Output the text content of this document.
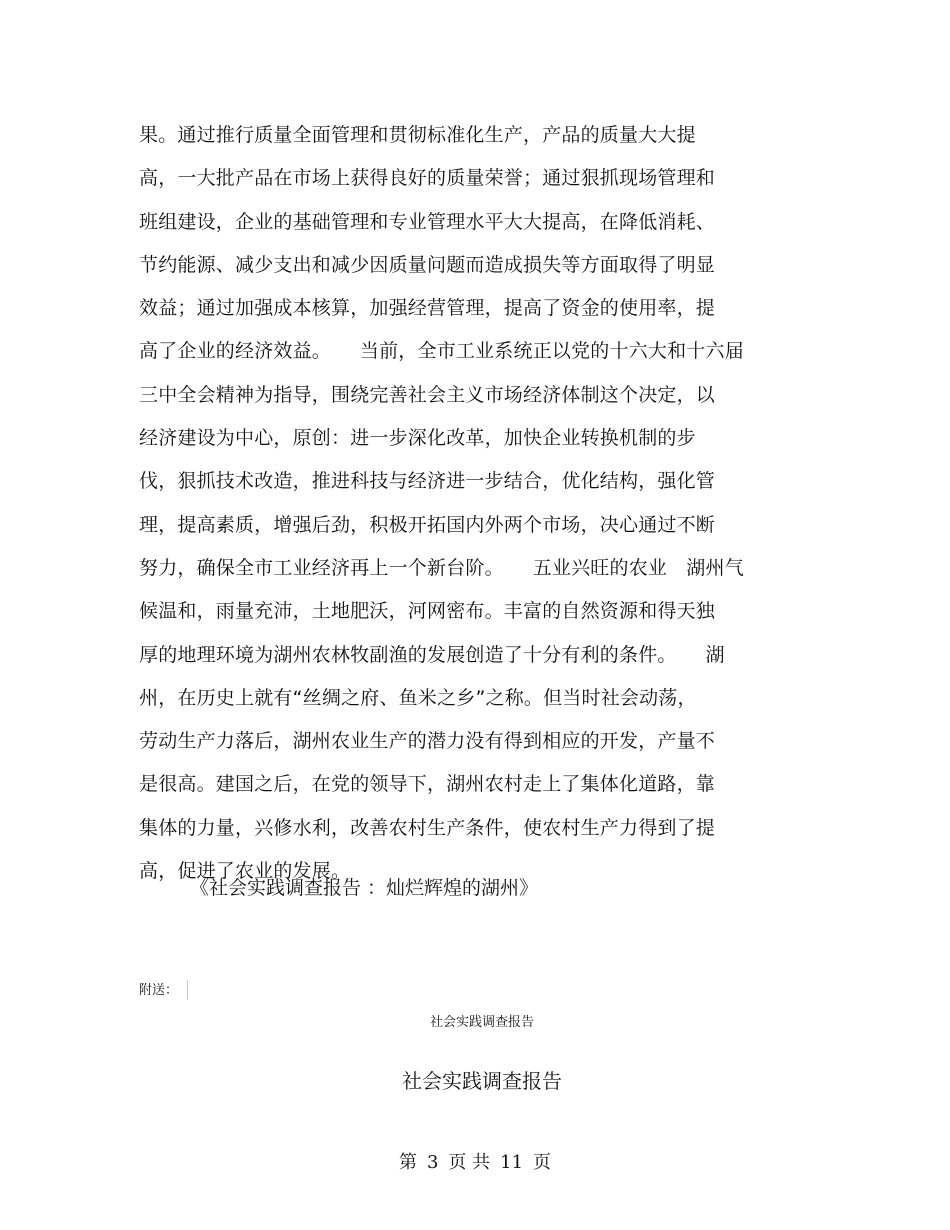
果。通过推行质量全面管理和贯彻标准化生产，产品的质量大大提
高，一大批产品在市场上获得良好的质量荣誉；通过狠抓现场管理和
班组建设，企业的基础管理和专业管理水平大大提高，在降低消耗、
节约能源、减少支出和减少因质量问题而造成损失等方面取得了明显
效益；通过加强成本核算，加强经营管理，提高了资金的使用率，提
高了企业的经济效益。　　当前，全市工业系统正以党的十六大和十六届
三中全会精神为指导，围绕完善社会主义市场经济体制这个决定，以
经济建设为中心，原创：进一步深化改革，加快企业转换机制的步
伐，狠抓技术改造，推进科技与经济进一步结合，优化结构，强化管
理，提高素质，增强后劲，积极开拓国内外两个市场，决心通过不断
努力，确保全市工业经济再上一个新台阶。　　五业兴旺的农业　湖州气
候温和，雨量充沛，土地肥沃，河网密布。丰富的自然资源和得天独
厚的地理环境为湖州农林牧副渔的发展创造了十分有利的条件。　　湖
州，在历史上就有“丝绸之府、鱼米之乡”之称。但当时社会动荡，
劳动生产力落后，湖州农业生产的潜力没有得到相应的开发，产量不
是很高。建国之后，在党的领导下，湖州农村走上了集体化道路，靠
集体的力量，兴修水利，改善农村生产条件，使农村生产力得到了提
高，促进了农业的发展。
《社会实践调查报告 ：灿烂辉煌的湖州》
附送：
社会实践调查报告
社会实践调查报告
第 3 页 共 11 页
